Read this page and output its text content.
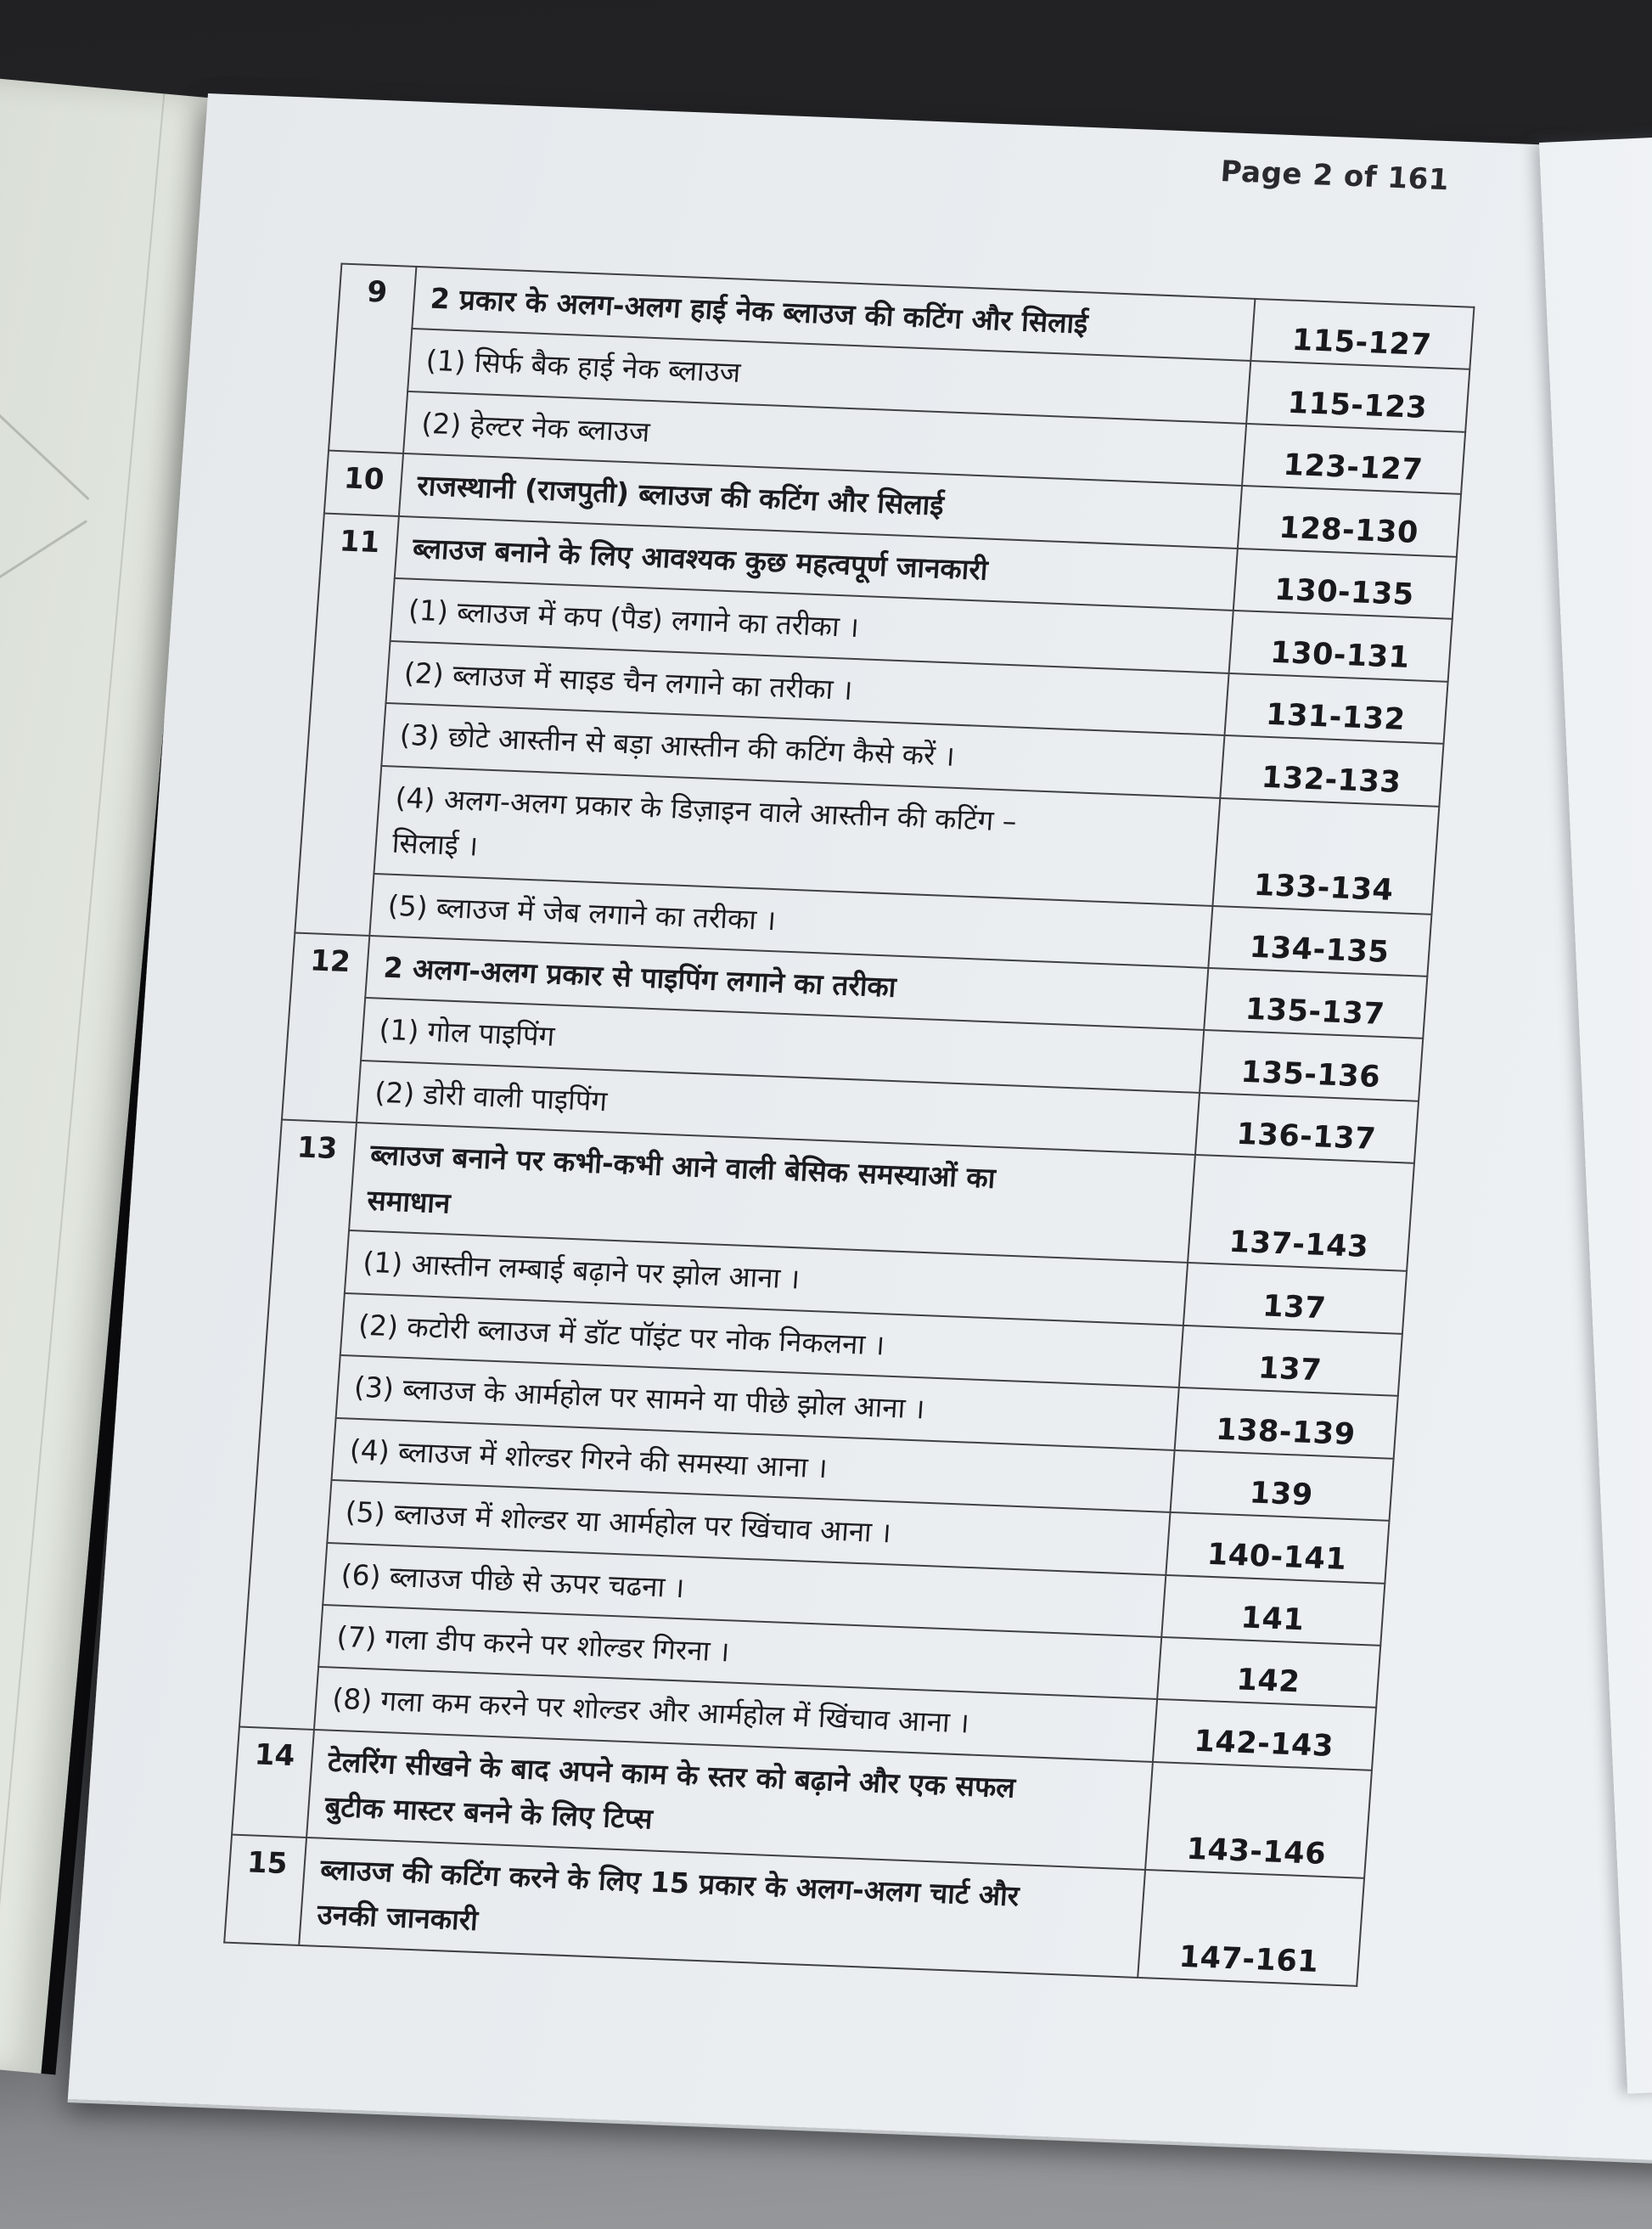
Page 2 of 161
9	2 प्रकार के अलग-अलग हाई नेक ब्लाउज की कटिंग और सिलाई	115-127
	(1) सिर्फ बैक हाई नेक ब्लाउज	115-123
	(2) हेल्टर नेक ब्लाउज	123-127
10	राजस्थानी (राजपुती) ब्लाउज की कटिंग और सिलाई	128-130
11	ब्लाउज बनाने के लिए आवश्यक कुछ महत्वपूर्ण जानकारी	130-135
	(1) ब्लाउज में कप (पैड) लगाने का तरीका ।	130-131
	(2) ब्लाउज में साइड चैन लगाने का तरीका ।	131-132
	(3) छोटे आस्तीन से बड़ा आस्तीन की कटिंग कैसे करें ।	132-133
	(4) अलग-अलग प्रकार के डिज़ाइन वाले आस्तीन की कटिंग –
सिलाई ।	133-134
	(5) ब्लाउज में जेब लगाने का तरीका ।	134-135
12	2 अलग-अलग प्रकार से पाइपिंग लगाने का तरीका	135-137
	(1) गोल पाइपिंग	135-136
	(2) डोरी वाली पाइपिंग	136-137
13	ब्लाउज बनाने पर कभी-कभी आने वाली बेसिक समस्याओं का
समाधान	137-143
	(1) आस्तीन लम्बाई बढ़ाने पर झोल आना ।	137
	(2) कटोरी ब्लाउज में डॉट पॉइंट पर नोक निकलना ।	137
	(3) ब्लाउज के आर्महोल पर सामने या पीछे झोल आना ।	138-139
	(4) ब्लाउज में शोल्डर गिरने की समस्या आना ।	139
	(5) ब्लाउज में शोल्डर या आर्महोल पर खिंचाव आना ।	140-141
	(6) ब्लाउज पीछे से ऊपर चढना ।	141
	(7) गला डीप करने पर शोल्डर गिरना ।	142
	(8) गला कम करने पर शोल्डर और आर्महोल में खिंचाव आना ।	142-143
14	टेलरिंग सीखने के बाद अपने काम के स्तर को बढ़ाने और एक सफल
बुटीक मास्टर बनने के लिए टिप्स	143-146
15	ब्लाउज की कटिंग करने के लिए 15 प्रकार के अलग-अलग चार्ट और
उनकी जानकारी	147-161
